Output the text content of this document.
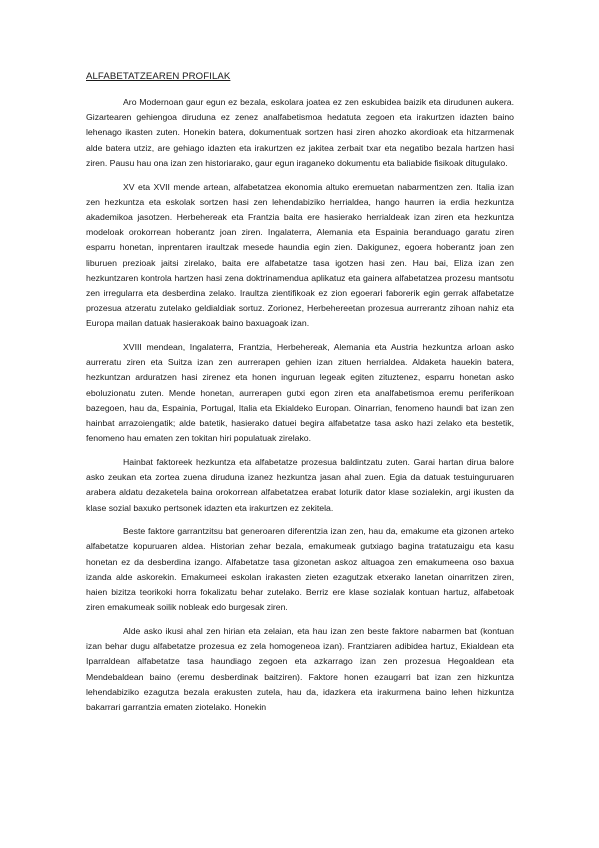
ALFABETATZEAREN PROFILAK

Aro Modernoan gaur egun ez bezala, eskolara joatea ez zen eskubidea baizik eta dirudunen aukera. Gizartearen gehiengoa diruduna ez zenez analfabetismoa hedatuta zegoen eta irakurtzen idazten baino lehenago ikasten zuten. Honekin batera, dokumentuak sortzen hasi ziren ahozko akordioak eta hitzarmenak alde batera utziz, are gehiago idazten eta irakurtzen ez jakitea zerbait txar eta negatibo bezala hartzen hasi ziren. Pausu hau ona izan zen historiarako, gaur egun iraganeko dokumentu eta baliabide fisikoak ditugulako.

XV eta XVII mende artean, alfabetatzea ekonomia altuko eremuetan nabarmentzen zen. Italia izan zen hezkuntza eta eskolak sortzen hasi zen lehendabiziko herrialdea, hango haurren ia erdia hezkuntza akademikoa jasotzen. Herbehereak eta Frantzia baita ere hasierako herrialdeak izan ziren eta hezkuntza modeloak orokorrean hoberantz joan ziren. Ingalaterra, Alemania eta Espainia beranduago garatu ziren esparru honetan, inprentaren iraultzak mesede haundia egin zien. Dakigunez, egoera hoberantz joan zen liburuen prezioak jaitsi zirelako, baita ere alfabetatze tasa igotzen hasi zen. Hau bai, Eliza izan zen hezkuntzaren kontrola hartzen hasi zena doktrinamendua aplikatuz eta gainera alfabetatzea prozesu mantsotu zen irregularra eta desberdina zelako. Iraultza zientifikoak ez zion egoerari faborerik egin gerrak alfabetatze prozesua atzeratu zutelako geldialdiak sortuz. Zorionez, Herbehereetan prozesua aurrerantz zihoan nahiz eta Europa mailan datuak hasierakoak baino baxuagoak izan.

XVIII mendean, Ingalaterra, Frantzia, Herbehereak, Alemania eta Austria hezkuntza arloan asko aurreratu ziren eta Suitza izan zen aurrerapen gehien izan zituen herrialdea. Aldaketa hauekin batera, hezkuntzan arduratzen hasi zirenez eta honen inguruan legeak egiten zituztenez, esparru honetan asko eboluzionatu zuten. Mende honetan, aurrerapen gutxi egon ziren eta analfabetismoa eremu periferikoan bazegoen, hau da, Espainia, Portugal, Italia eta Ekialdeko Europan. Oinarrian, fenomeno haundi bat izan zen hainbat arrazoiengatik; alde batetik, hasierako datuei begira alfabetatze tasa asko hazi zelako eta bestetik, fenomeno hau ematen zen tokitan hiri populatuak zirelako.

Hainbat faktoreek hezkuntza eta alfabetatze prozesua baldintzatu zuten. Garai hartan dirua balore asko zeukan eta zortea zuena diruduna izanez hezkuntza jasan ahal zuen. Egia da datuak testuinguruaren arabera aldatu dezaketela baina orokorrean alfabetatzea erabat loturik dator klase sozialekin, argi ikusten da klase sozial baxuko pertsonek idazten eta irakurtzen ez zekitela.

Beste faktore garrantzitsu bat generoaren diferentzia izan zen, hau da, emakume eta gizonen arteko alfabetatze kopuruaren aldea. Historian zehar bezala, emakumeak gutxiago bagina tratatuzaigu eta kasu honetan ez da desberdina izango. Alfabetatze tasa gizonetan askoz altuagoa zen emakumeena oso baxua izanda alde askorekin. Emakumeei eskolan irakasten zieten ezagutzak etxerako lanetan oinarritzen ziren, haien bizitza teorikoki horra fokalizatu behar zutelako. Berriz ere klase sozialak kontuan hartuz, alfabetoak ziren emakumeak soilik nobleak edo burgesak ziren.

Alde asko ikusi ahal zen hirian eta zelaian, eta hau izan zen beste faktore nabarmen bat (kontuan izan behar dugu alfabetatze prozesua ez zela homogeneoa izan). Frantziaren adibidea hartuz, Ekialdean eta Iparraldean alfabetatze tasa haundiago zegoen eta azkarrago izan zen prozesua Hegoaldean eta Mendebaldean baino (eremu desberdinak baitziren). Faktore honen ezaugarri bat izan zen hizkuntza lehendabiziko ezagutza bezala erakusten zutela, hau da, idazkera eta irakurmena baino lehen hizkuntza bakarrari garrantzia ematen ziotelako. Honekin
